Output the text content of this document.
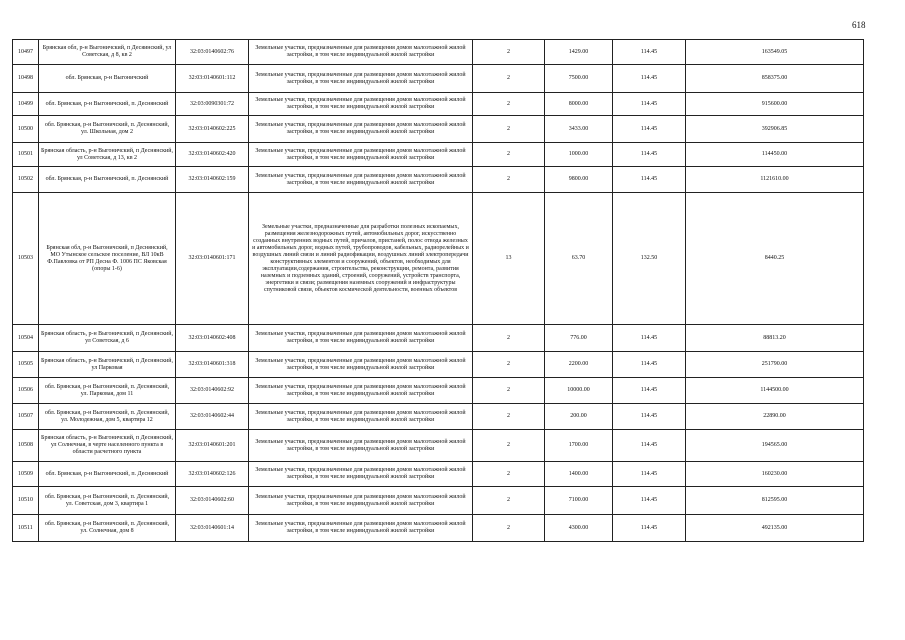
618
10497	Брянская обл, р-н Выгоничский, п Десяинский, ул Советская, д 8, кв 2	32:03:0140602:76	Земельные участки, предназначенные для размещения домов малоэтажной жилой застройки, в том числе индивидуальной жилой застройки	2	1429.00	114.45	163549.05
10498	обл. Брянская, р-н Выгоничский	32:03:0140601:112	Земельные участки, предназначенные для размещения домов малоэтажной жилой застройки, в том числе индивидуальной жилой застройки	2	7500.00	114.45	858375.00
10499	обл. Брянская, р-н Выгоничский, п. Деснянский	32:03:0090301:72	Земельные участки, предназначенные для размещения домов малоэтажной жилой застройки, в том числе индивидуальной жилой застройки	2	8000.00	114.45	915600.00
10500	обл. Брянская, р-н Выгоничский, п. Деснянский, ул. Школьная, дом 2	32:03:0140602:225	Земельные участки, предназначенные для размещения домов малоэтажной жилой застройки, в том числе индивидуальной жилой застройки	2	3433.00	114.45	392906.85
10501	Брянская область, р-н Выгоничский, п Деснянский, ул Советская, д 13, кв 2	32:03:0140602:420	Земельные участки, предназначенные для размещения домов малоэтажной жилой застройки, в том числе индивидуальной жилой застройки	2	1000.00	114.45	114450.00
10502	обл. Брянская, р-н Выгоничский, п. Деснянский	32:03:0140602:159	Земельные участки, предназначенные для размещения домов малоэтажной жилой застройки, в том числе индивидуальной жилой застройки	2	9800.00	114.45	1121610.00
10503	Брянская обл, р-н Выгоничский, п Деснянский, МО Утынское сельское поселение, ВЛ 10кВ Ф.Павловка от РП Десна Ф. 1006 ПС Яковская (опоры 1-6)	32:03:0140601:171	Земельные участки, предназначенные для разработки полезных ископаемых, размещения железнодорожных путей, автомобильных дорог, искусственно созданных внутренних водных путей, причалов, пристаней, полос отвода железных и автомобильных дорог, водных путей, трубопроводов, кабельных, радиорелейных и воздушных линий связи и линий радиофикации, воздушных линий электропередачи конструктивных элементов и сооружений, объектов, необходимых для эксплуатации,содержания, строительства, реконструкции, ремонта, развития наземных и подземных зданий, строений, сооружений, устройств транспорта, энергетики и связи; размещения наземных сооружений и инфраструктуры спутниковой связи, объектов космической деятельности, военных объектов	13	63.70	132.50	8440.25
10504	Брянская область, р-н Выгоничский, п Деснянский, ул Советская, д 6	32:03:0140602:408	Земельные участки, предназначенные для размещения домов малоэтажной жилой застройки, в том числе индивидуальной жилой застройки	2	776.00	114.45	88813.20
10505	Брянская область, р-н Выгоничский, п Деснянский, ул Парковая	32:03:0140601:318	Земельные участки, предназначенные для размещения домов малоэтажной жилой застройки, в том числе индивидуальной жилой застройки	2	2200.00	114.45	251790.00
10506	обл. Брянская, р-н Выгоничский, п. Деснянский, ул. Парковая, дом 11	32:03:0140602:92	Земельные участки, предназначенные для размещения домов малоэтажной жилой застройки, в том числе индивидуальной жилой застройки	2	10000.00	114.45	1144500.00
10507	обл. Брянская, р-н Выгоничский, п. Деснянский, ул. Молодежная, дом 5, квартира 12	32:03:0140602:44	Земельные участки, предназначенные для размещения домов малоэтажной жилой застройки, в том числе индивидуальной жилой застройки	2	200.00	114.45	22890.00
10508	Брянская область, р-н Выгоничский, п Деснянский, ул Солнечная, в черте населенного пункта в области расчетного пункта	32:03:0140601:201	Земельные участки, предназначенные для размещения домов малоэтажной жилой застройки, в том числе индивидуальной жилой застройки	2	1700.00	114.45	194565.00
10509	обл. Брянская, р-н Выгоничский, п. Деснянский	32:03:0140602:126	Земельные участки, предназначенные для размещения домов малоэтажной жилой застройки, в том числе индивидуальной жилой застройки	2	1400.00	114.45	160230.00
10510	обл. Брянская, р-н Выгоничский, п. Деснянский, ул. Советская, дом 3, квартира 1	32:03:0140602:60	Земельные участки, предназначенные для размещения домов малоэтажной жилой застройки, в том числе индивидуальной жилой застройки	2	7100.00	114.45	812595.00
10511	обл. Брянская, р-н Выгоничский, п. Деснянский, ул. Солнечная, дом 8	32:03:0140601:14	Земельные участки, предназначенные для размещения домов малоэтажной жилой застройки, в том числе индивидуальной жилой застройки	2	4300.00	114.45	492135.00
